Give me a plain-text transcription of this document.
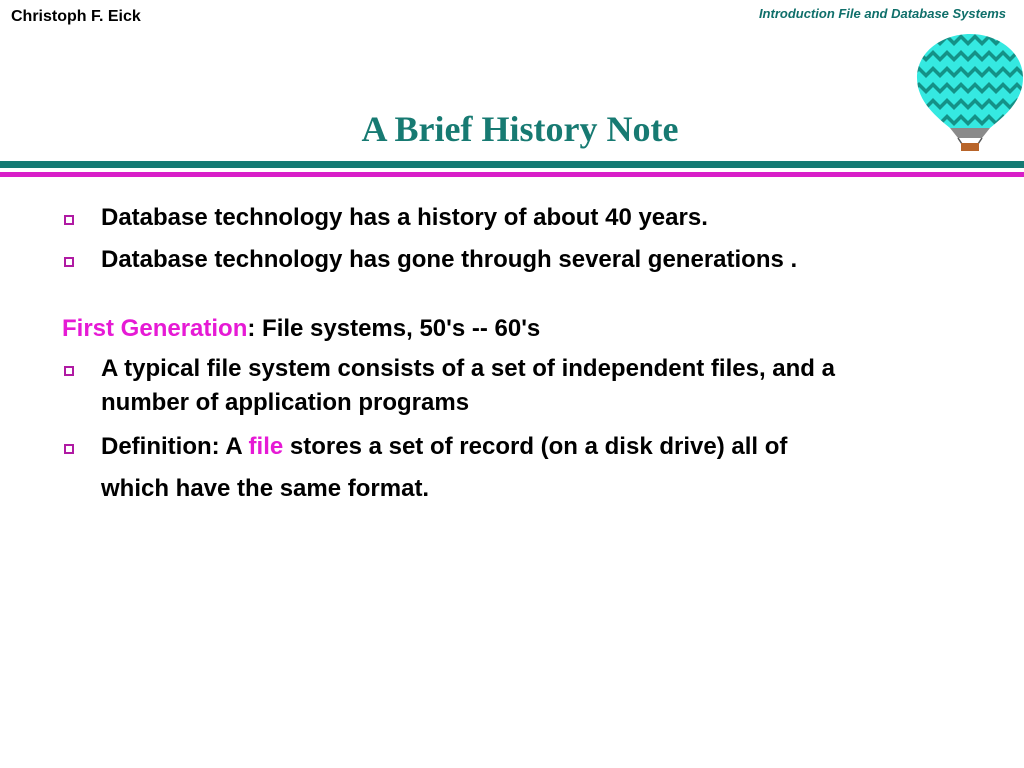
Christoph F. Eick	Introduction File and Database Systems
A Brief History Note
Database technology has a history of about 40 years.
Database technology has gone through several generations .
First Generation: File systems, 50's -- 60's
A typical file system consists of a set of independent files, and a
number of application programs
Definition: A file stores a set of record (on a disk drive) all of
which have the same format.
